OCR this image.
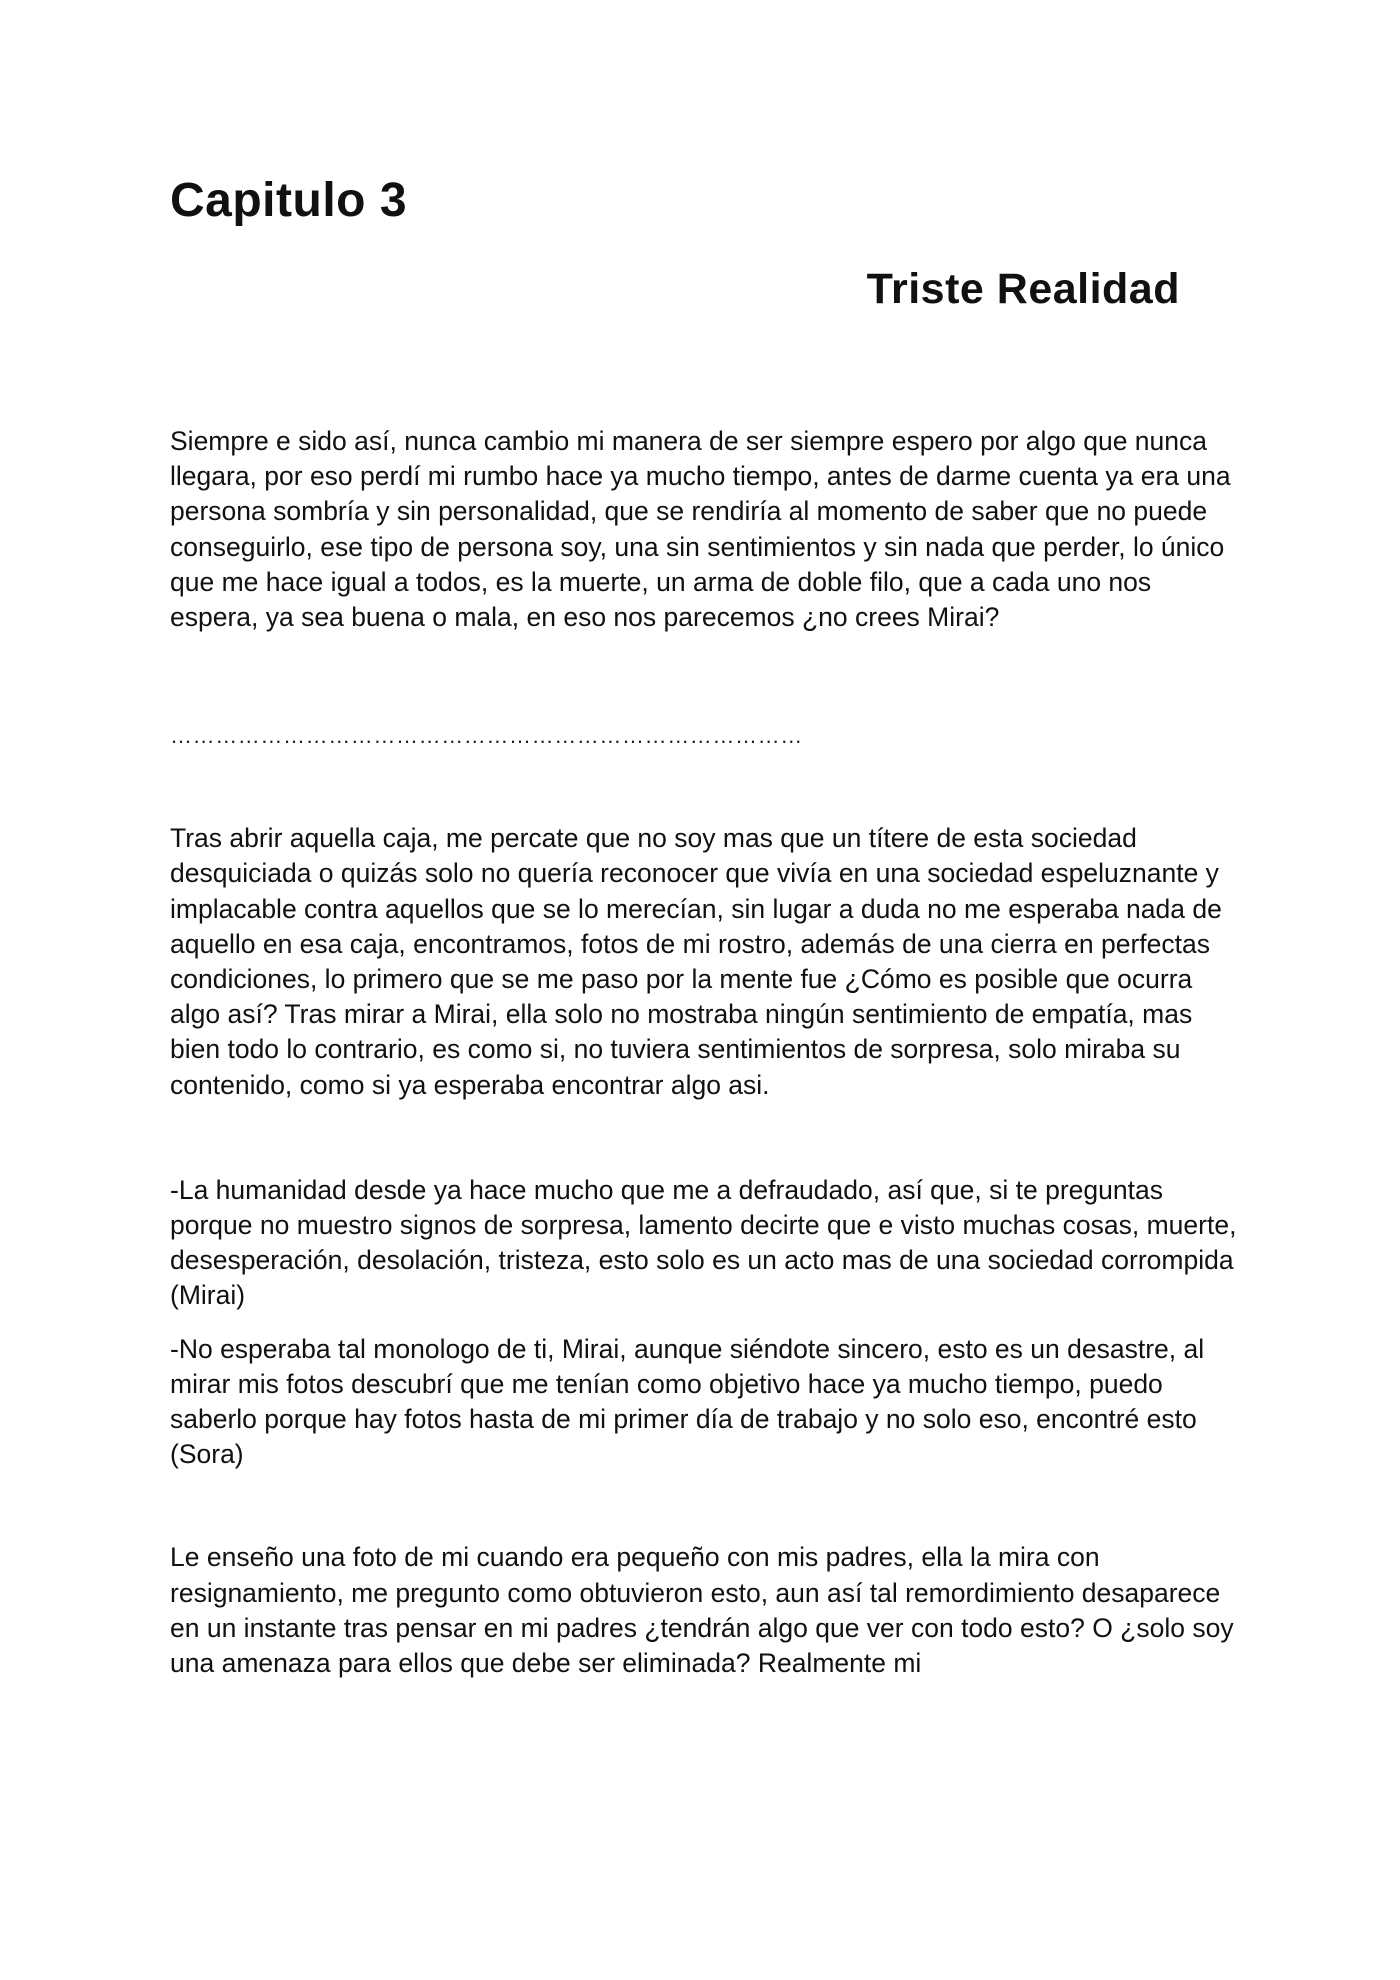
Capitulo 3
Triste Realidad

Siempre e sido así, nunca cambio mi manera de ser siempre espero por algo que nunca llegara, por eso perdí mi rumbo hace ya mucho tiempo, antes de darme cuenta ya era una persona sombría y sin personalidad, que se rendiría al momento de saber que no puede conseguirlo, ese tipo de persona soy, una sin sentimientos y sin nada que perder, lo único que me hace igual a todos, es la muerte, un arma de doble filo, que a cada uno nos espera, ya sea buena o mala, en eso nos parecemos ¿no crees Mirai?

…………………………………………………………………………

Tras abrir aquella caja, me percate que no soy mas que un títere de esta sociedad desquiciada o quizás solo no quería reconocer que vivía en una sociedad espeluznante y implacable contra aquellos que se lo merecían, sin lugar a duda no me esperaba nada de aquello en esa caja, encontramos, fotos de mi rostro, además de una cierra en perfectas condiciones, lo primero que se me paso por la mente fue ¿Cómo es posible que ocurra algo así? Tras mirar a Mirai, ella solo no mostraba ningún sentimiento de empatía, mas bien todo lo contrario, es como si, no tuviera sentimientos de sorpresa, solo miraba su contenido, como si ya esperaba encontrar algo asi.

-La humanidad desde ya hace mucho que me a defraudado, así que, si te preguntas porque no muestro signos de sorpresa, lamento decirte que e visto muchas cosas, muerte, desesperación, desolación, tristeza, esto solo es un acto mas de una sociedad corrompida (Mirai)

-No esperaba tal monologo de ti, Mirai, aunque siéndote sincero, esto es un desastre, al mirar mis fotos descubrí que me tenían como objetivo hace ya mucho tiempo, puedo saberlo porque hay fotos hasta de mi primer día de trabajo y no solo eso, encontré esto (Sora)

Le enseño una foto de mi cuando era pequeño con mis padres, ella la mira con resignamiento, me pregunto como obtuvieron esto, aun así tal remordimiento desaparece en un instante tras pensar en mi padres ¿tendrán algo que ver con todo esto? O ¿solo soy una amenaza para ellos que debe ser eliminada? Realmente mi
